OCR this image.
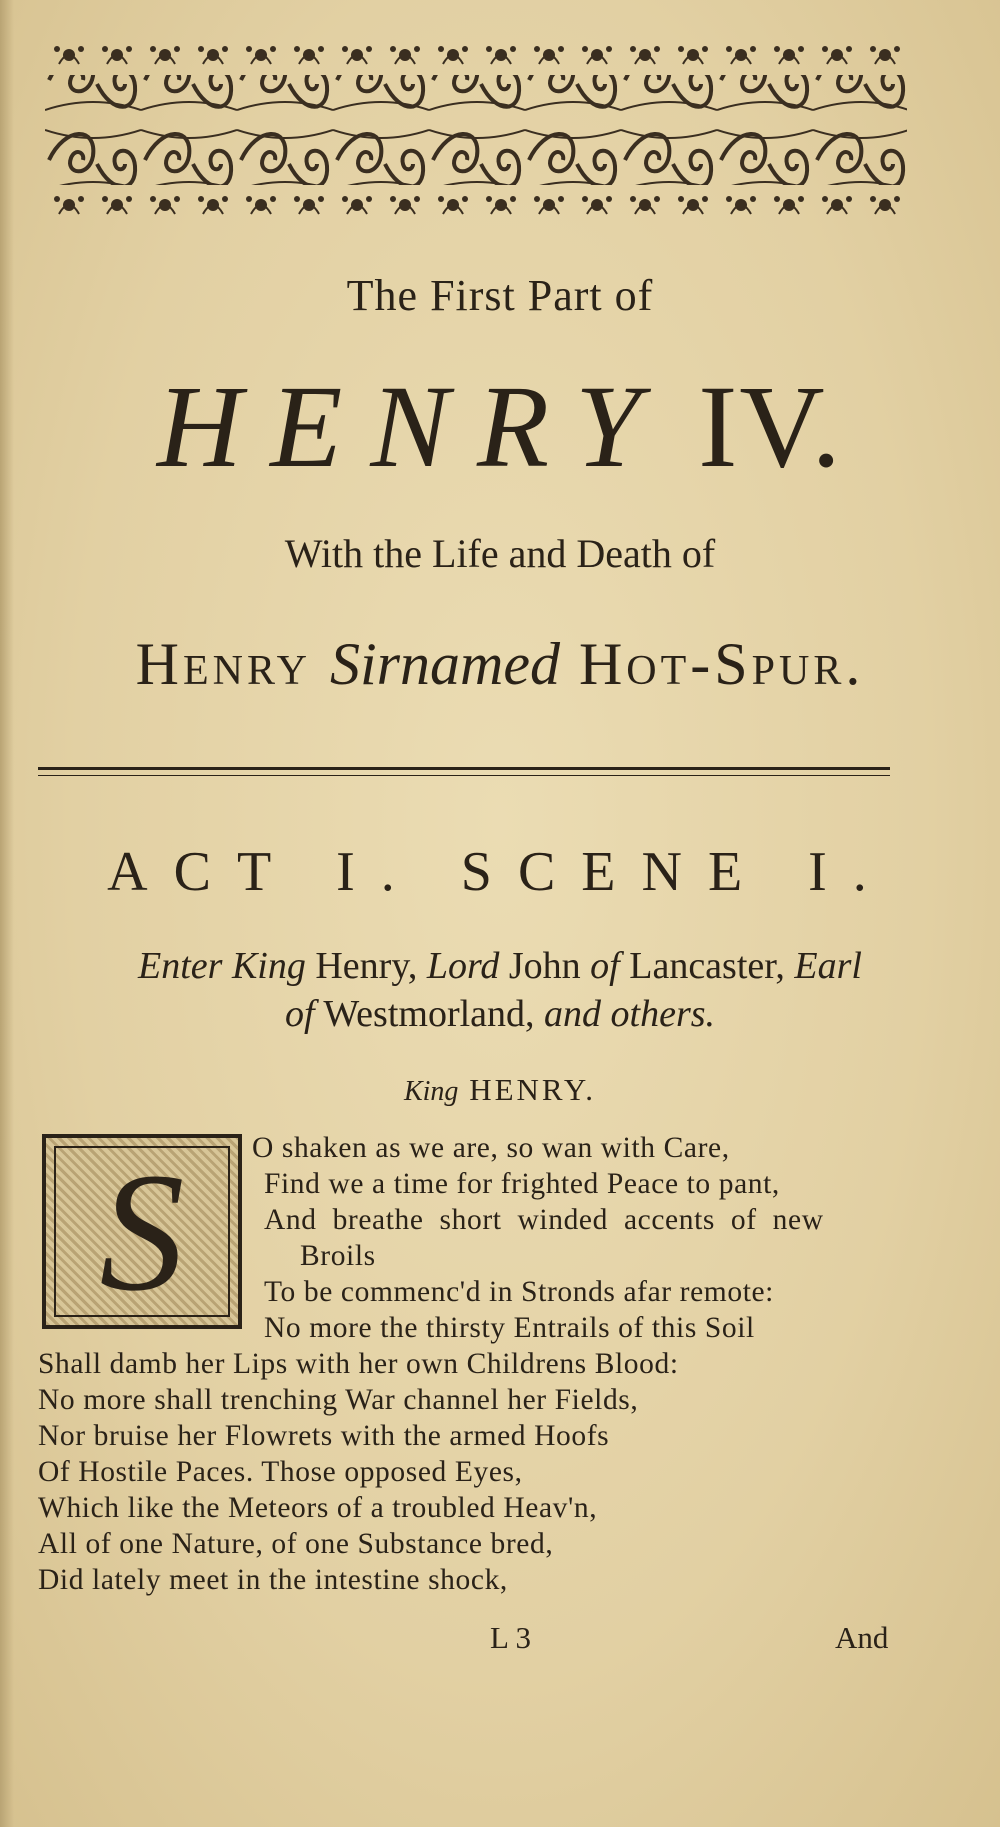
The First Part of
HENRY IV.
With the Life and Death of
Henry Sirnamed Hot-Spur.
ACT I. SCENE I.
Enter King Henry, Lord John of Lancaster, Earl
of Westmorland, and others.
King HENRY.
S	O shaken as we are, so wan with Care,
Find we a time for frighted Peace to pant,
And breathe short winded accents of new
Broils
To be commenc'd in Stronds afar remote:
No more the thirsty Entrails of this Soil
Shall damb her Lips with her own Childrens Blood:
No more shall trenching War channel her Fields,
Nor bruise her Flowrets with the armed Hoofs
Of Hostile Paces. Those opposed Eyes,
Which like the Meteors of a troubled Heav'n,
All of one Nature, of one Substance bred,
Did lately meet in the intestine shock,
L 3	And
